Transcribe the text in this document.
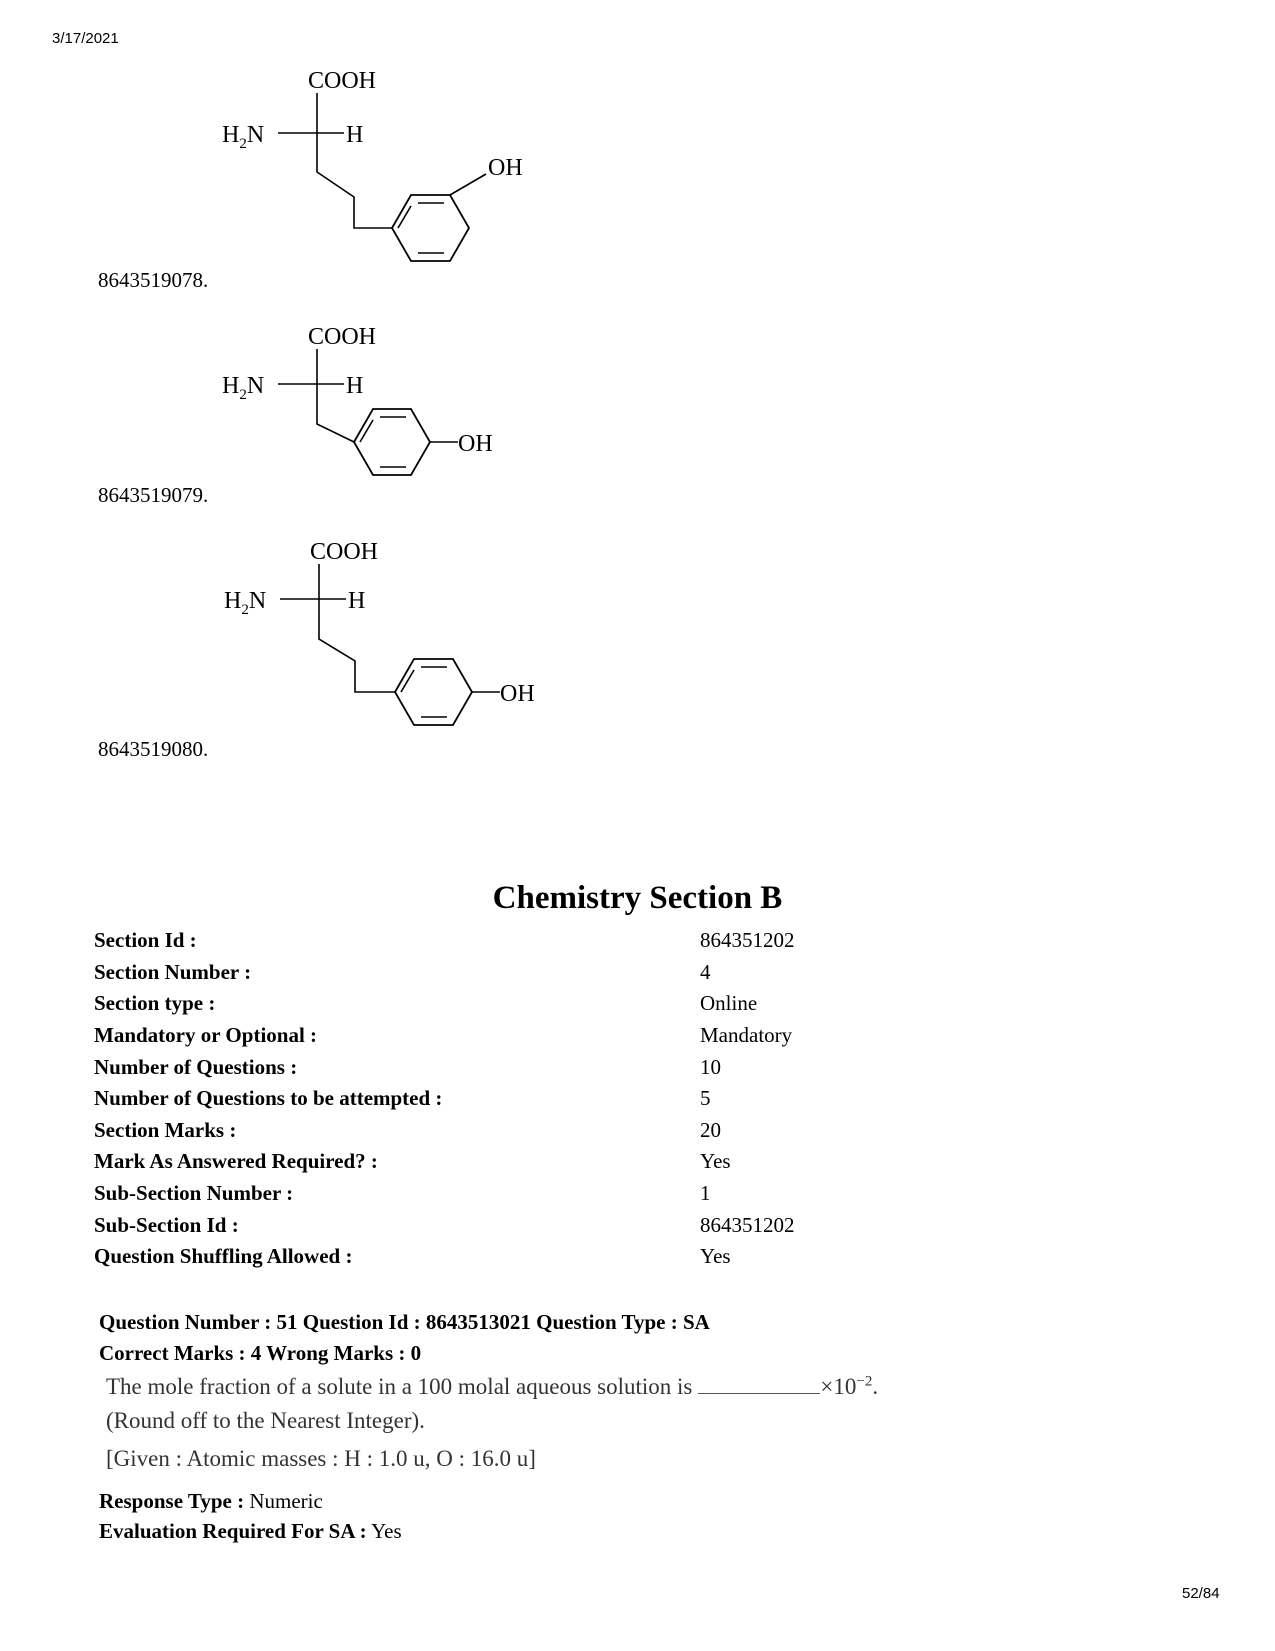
3/17/2021
COOH
$H_2N$	H
OH
8643519078.
COOH
$H_2N$	H
OH
8643519079.
COOH
$H_2N$	H
OH
8643519080.
Chemistry Section B
Section Id :	864351202
Section Number :	4
Section type :	Online
Mandatory or Optional :	Mandatory
Number of Questions :	10
Number of Questions to be attempted :	5
Section Marks :	20
Mark As Answered Required? :	Yes
Sub-Section Number :	1
Sub-Section Id :	864351202
Question Shuffling Allowed :	Yes
Question Number : 51 Question Id : 8643513021 Question Type : SA
Correct Marks : 4 Wrong Marks : 0
The mole fraction of a solute in a 100 molal aqueous solution is	$\times 10^{-2}$.
(Round off to the Nearest Integer).
[Given : Atomic masses : H : 1.0 u, O : 16.0 u]
Response Type : Numeric
Evaluation Required For SA : Yes
52/84
